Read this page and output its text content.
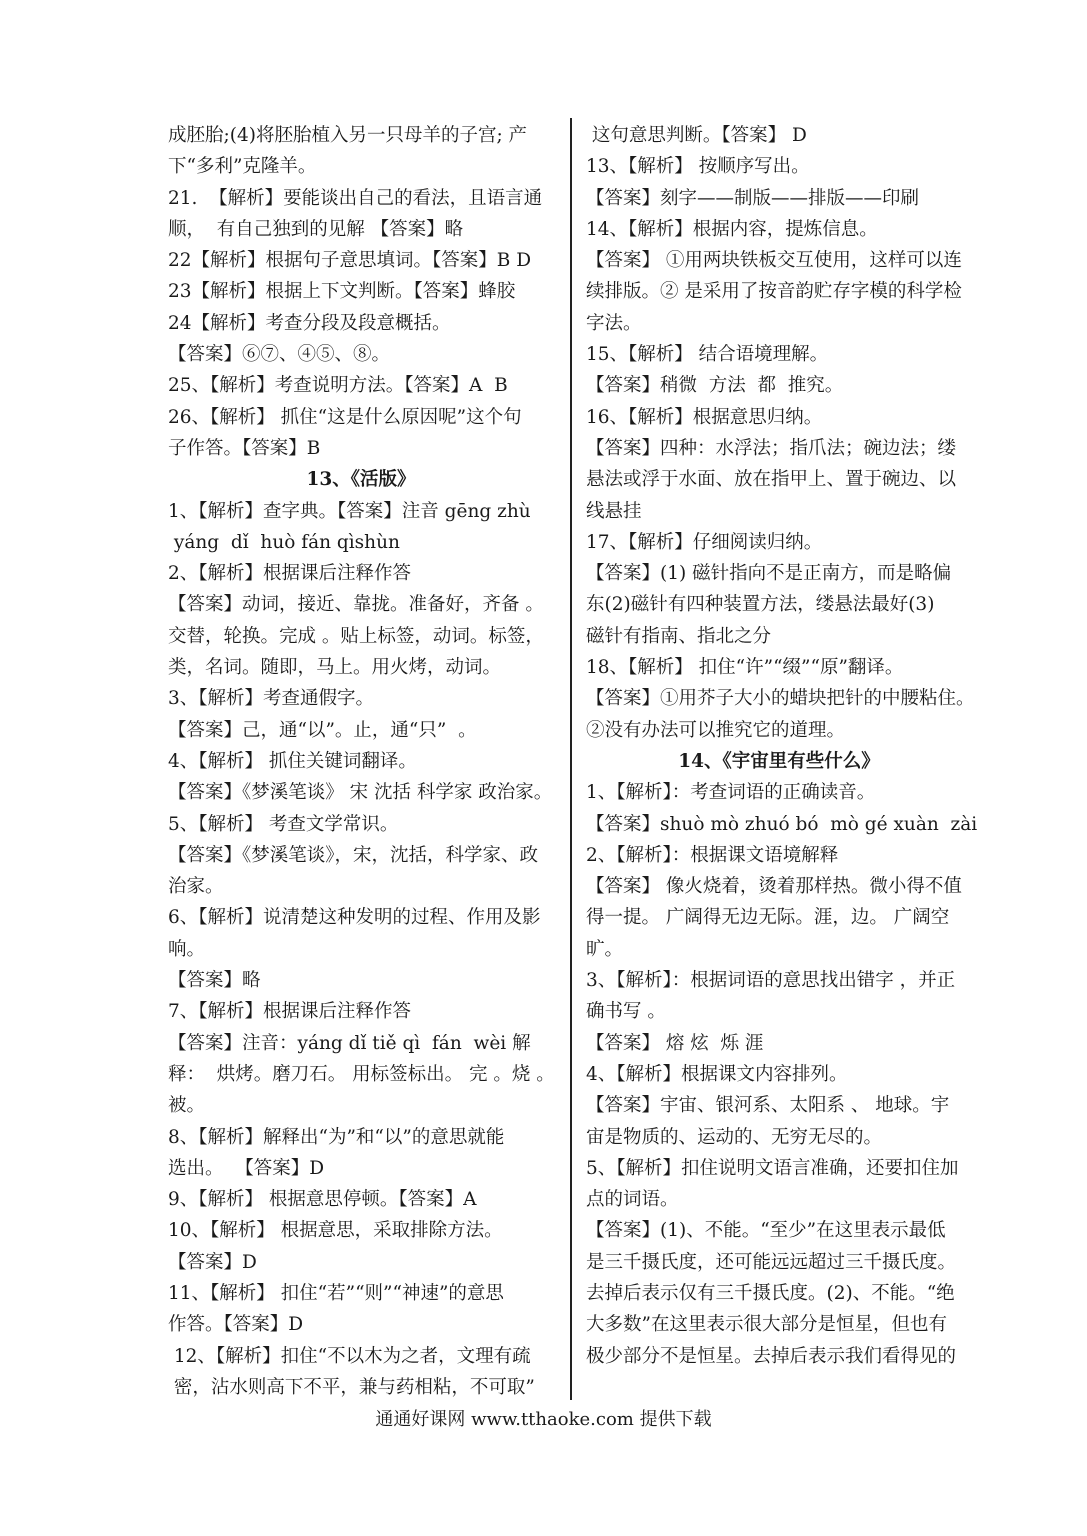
成胚胎;(4)将胚胎植入另一只母羊的子宫; 产
下“多利”克隆羊。
21.  【解析】要能谈出自己的看法，且语言通
顺，  有自己独到的见解 【答案】略
22【解析】根据句子意思填词。【答案】B D
23【解析】根据上下文判断。【答案】蜂胶
24【解析】考查分段及段意概括。
【答案】⑥⑦、④⑤、⑧。
25、【解析】考查说明方法。【答案】A  B
26、【解析】 抓住“这是什么原因呢”这个句
子作答。【答案】B
13、《活版》
1、【解析】查字典。【答案】注音 gēng zhù
yáng  dǐ  huò fán qìshùn
2、【解析】根据课后注释作答
【答案】动词，接近、靠拢。准备好，齐备 。
交替，轮换。完成 。贴上标签，动词。标签，
类，名词。随即，马上。用火烤，动词。
3、【解析】考查通假字。
【答案】己，通“以”。止，通“只”  。
4、【解析】 抓住关键词翻译。
【答案】《梦溪笔谈》 宋 沈括 科学家 政治家。
5、【解析】 考查文学常识。
【答案】《梦溪笔谈》，宋，沈括，科学家、政
治家。
6、【解析】说清楚这种发明的过程、作用及影
响。
【答案】略
7、【解析】根据课后注释作答
【答案】注音：yáng dǐ tiě qì  fán  wèi 解
释：  烘烤。磨刀石。 用标签标出。 完 。烧 。
被。
8、【解析】解释出“为”和“以”的意思就能
选出。  【答案】D
9、【解析】 根据意思停顿。【答案】A
10、【解析】 根据意思，采取排除方法。
【答案】D
11、【解析】 扣住“若”“则”“神速”的意思
作答。【答案】D
12、【解析】扣住“不以木为之者，文理有疏
密，沾水则高下不平，兼与药相粘，不可取”
这句意思判断。【答案】 D
13、【解析】 按顺序写出。
【答案】刻字——制版——排版——印刷
14、【解析】根据内容，提炼信息。
【答案】 ①用两块铁板交互使用，这样可以连
续排版。② 是采用了按音韵贮存字模的科学检
字法。
15、【解析】 结合语境理解。
【答案】稍微  方法  都  推究。
16、【解析】根据意思归纳。
【答案】四种：水浮法；指爪法；碗边法；缕
悬法或浮于水面、放在指甲上、置于碗边、以
线悬挂
17、【解析】仔细阅读归纳。
【答案】(1) 磁针指向不是正南方，而是略偏
东(2)磁针有四种装置方法，缕悬法最好(3)
磁针有指南、指北之分
18、【解析】 扣住“许”“缀”“原”翻译。
【答案】①用芥子大小的蜡块把针的中腰粘住。
②没有办法可以推究它的道理。
14、《宇宙里有些什么》
1、【解析】：考查词语的正确读音。
【答案】shuò mò zhuó bó  mò gé xuàn  zài
2、【解析】：根据课文语境解释
【答案】 像火烧着，烫着那样热。微小得不值
得一提。 广阔得无边无际。涯，边。 广阔空
旷。
3、【解析】：根据词语的意思找出错字 ，并正
确书写 。
【答案】 熔 炫  烁 涯
4、【解析】根据课文内容排列。
【答案】宇宙、银河系、太阳系 、 地球。宇
宙是物质的、运动的、无穷无尽的。
5、【解析】扣住说明文语言准确，还要扣住加
点的词语。
【答案】(1)、不能。“至少”在这里表示最低
是三千摄氏度，还可能远远超过三千摄氏度。
去掉后表示仅有三千摄氏度。(2)、不能。“绝
大多数”在这里表示很大部分是恒星，但也有
极少部分不是恒星。去掉后表示我们看得见的
通通好课网 www.tthaoke.com 提供下载
